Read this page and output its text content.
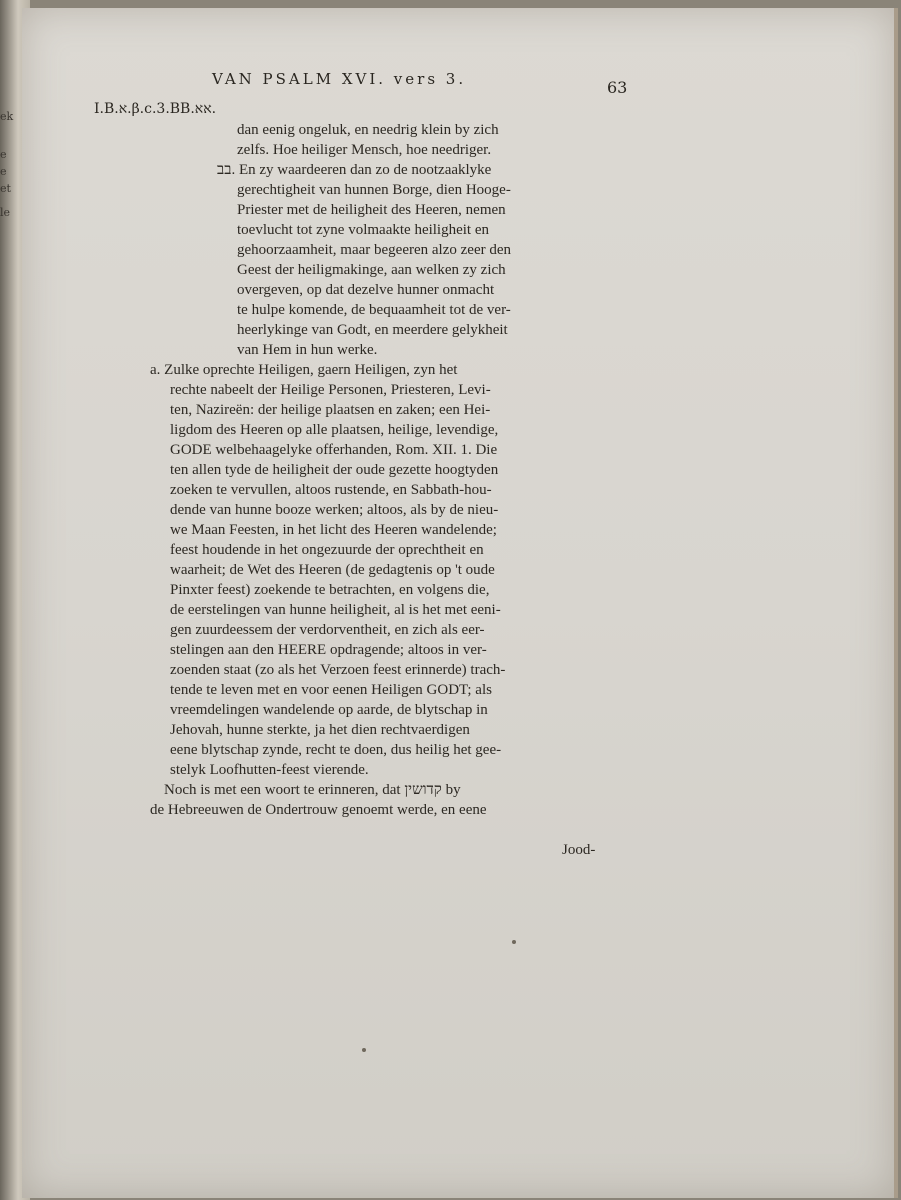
ek
e
e
et
le
VAN PSALM XVI. vers 3.	63
I.B.א.β.c.3.BB.אא.
dan eenig ongeluk, en needrig klein by zich
zelfs. Hoe heiliger Mensch, hoe needriger.
בב. En zy waardeeren dan zo de nootzaaklyke
gerechtigheit van hunnen Borge, dien Hooge-
Priester met de heiligheit des Heeren, nemen
toevlucht tot zyne volmaakte heiligheit en
gehoorzaamheit, maar begeeren alzo zeer den
Geest der heiligmakinge, aan welken zy zich
overgeven, op dat dezelve hunner onmacht
te hulpe komende, de bequaamheit tot de ver-
heerlykinge van Godt, en meerdere gelykheit
van Hem in hun werke.
a. Zulke oprechte Heiligen, gaern Heiligen, zyn het
rechte nabeelt der Heilige Personen, Priesteren, Levi-
ten, Nazireën: der heilige plaatsen en zaken; een Hei-
ligdom des Heeren op alle plaatsen, heilige, levendige,
GODE welbehaagelyke offerhanden, Rom. XII. 1. Die
ten allen tyde de heiligheit der oude gezette hoogtyden
zoeken te vervullen, altoos rustende, en Sabbath-hou-
dende van hunne booze werken; altoos, als by de nieu-
we Maan Feesten, in het licht des Heeren wandelende;
feest houdende in het ongezuurde der oprechtheit en
waarheit; de Wet des Heeren (de gedagtenis op 't oude
Pinxter feest) zoekende te betrachten, en volgens die,
de eerstelingen van hunne heiligheit, al is het met eeni-
gen zuurdeessem der verdorventheit, en zich als eer-
stelingen aan den HEERE opdragende; altoos in ver-
zoenden staat (zo als het Verzoen feest erinnerde) trach-
tende te leven met en voor eenen Heiligen GODT; als
vreemdelingen wandelende op aarde, de blytschap in
Jehovah, hunne sterkte, ja het dien rechtvaerdigen
eene blytschap zynde, recht te doen, dus heilig het gee-
stelyk Loofhutten-feest vierende.
Noch is met een woort te erinneren, dat קדושין by
de Hebreeuwen de Ondertrouw genoemt werde, en eene
Jood-
